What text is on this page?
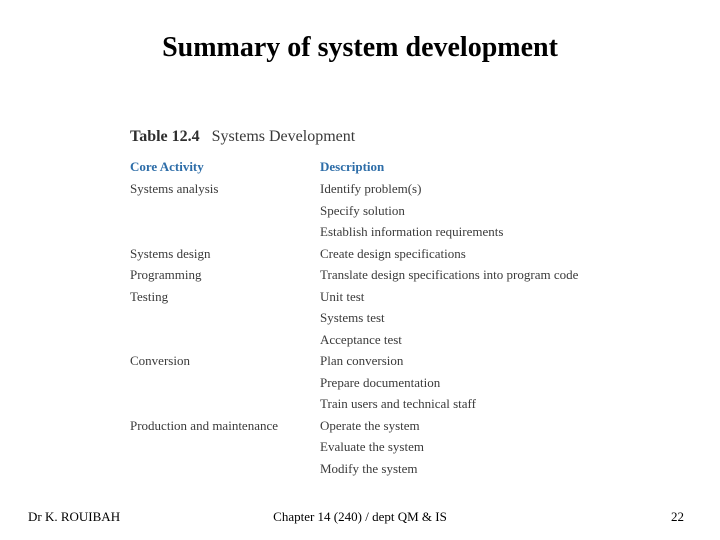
Summary of system development
Table 12.4 Systems Development
Core Activity	Description
Systems analysis	Identify problem(s)
	Specify solution
	Establish information requirements
Systems design	Create design specifications
Programming	Translate design specifications into program code
Testing	Unit test
	Systems test
	Acceptance test
Conversion	Plan conversion
	Prepare documentation
	Train users and technical staff
Production and maintenance	Operate the system
	Evaluate the system
	Modify the system
Dr K. ROUIBAH	Chapter 14 (240) / dept QM & IS	22
